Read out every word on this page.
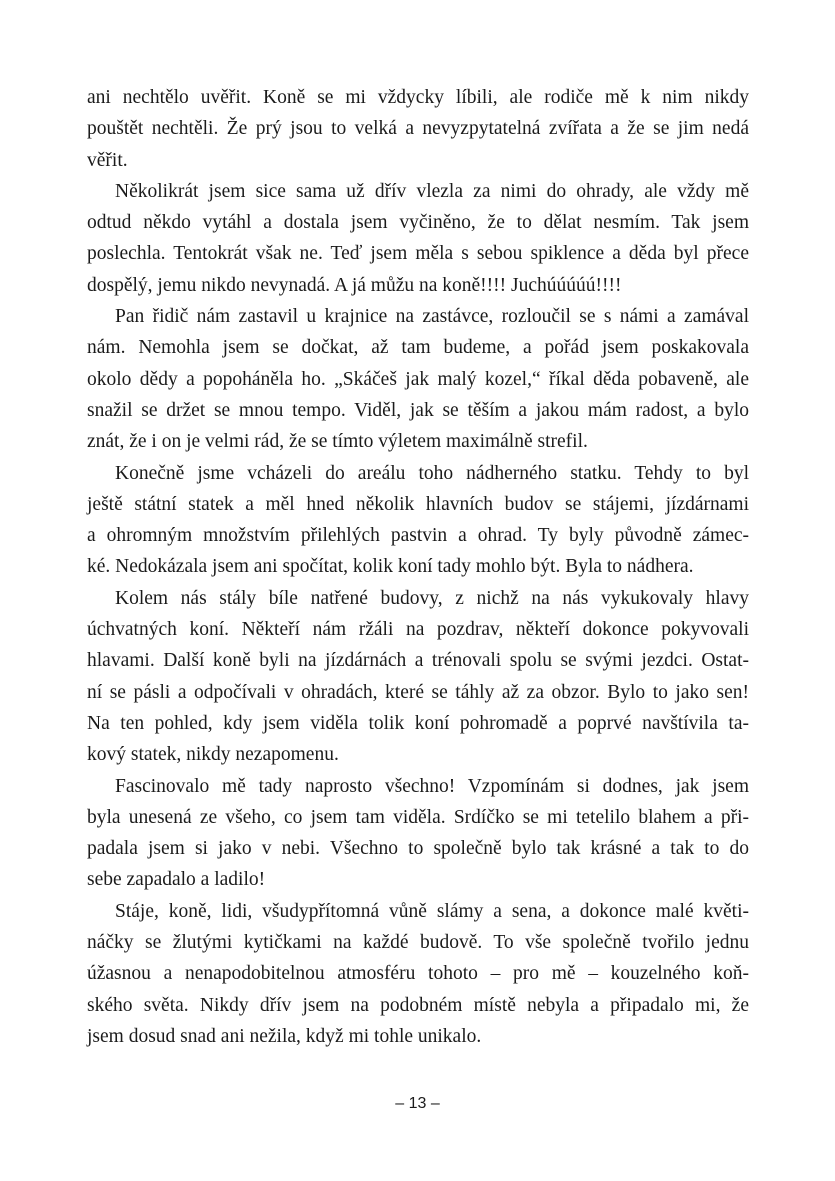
ani nechtělo uvěřit. Koně se mi vždycky líbili, ale rodiče mě k nim nikdy
pouštět nechtěli. Že prý jsou to velká a nevyzpytatelná zvířata a že se jim nedá
věřit.
Několikrát jsem sice sama už dřív vlezla za nimi do ohrady, ale vždy mě
odtud někdo vytáhl a dostala jsem vyčiněno, že to dělat nesmím. Tak jsem
poslechla. Tentokrát však ne. Teď jsem měla s sebou spiklence a děda byl přece
dospělý, jemu nikdo nevynadá. A já můžu na koně!!!! Juchúúúúú!!!!
Pan řidič nám zastavil u krajnice na zastávce, rozloučil se s námi a zamával
nám. Nemohla jsem se dočkat, až tam budeme, a pořád jsem poskakovala
okolo dědy a popoháněla ho. „Skáčeš jak malý kozel,“ říkal děda pobaveně, ale
snažil se držet se mnou tempo. Viděl, jak se těším a jakou mám radost, a bylo
znát, že i on je velmi rád, že se tímto výletem maximálně strefil.
Konečně jsme vcházeli do areálu toho nádherného statku. Tehdy to byl
ještě státní statek a měl hned několik hlavních budov se stájemi, jízdárnami
a ohromným množstvím přilehlých pastvin a ohrad. Ty byly původně zámec-
ké. Nedokázala jsem ani spočítat, kolik koní tady mohlo být. Byla to nádhera.
Kolem nás stály bíle natřené budovy, z nichž na nás vykukovaly hlavy
úchvatných koní. Někteří nám ržáli na pozdrav, někteří dokonce pokyvovali
hlavami. Další koně byli na jízdárnách a trénovali spolu se svými jezdci. Ostat-
ní se pásli a odpočívali v ohradách, které se táhly až za obzor. Bylo to jako sen!
Na ten pohled, kdy jsem viděla tolik koní pohromadě a poprvé navštívila ta-
kový statek, nikdy nezapomenu.
Fascinovalo mě tady naprosto všechno! Vzpomínám si dodnes, jak jsem
byla unesená ze všeho, co jsem tam viděla. Srdíčko se mi tetelilo blahem a při-
padala jsem si jako v nebi. Všechno to společně bylo tak krásné a tak to do
sebe zapadalo a ladilo!
Stáje, koně, lidi, všudypřítomná vůně slámy a sena, a dokonce malé květi-
náčky se žlutými kytičkami na každé budově. To vše společně tvořilo jednu
úžasnou a nenapodobitelnou atmosféru tohoto – pro mě – kouzelného koň-
ského světa. Nikdy dřív jsem na podobném místě nebyla a připadalo mi, že
jsem dosud snad ani nežila, když mi tohle unikalo.
– 13 –
